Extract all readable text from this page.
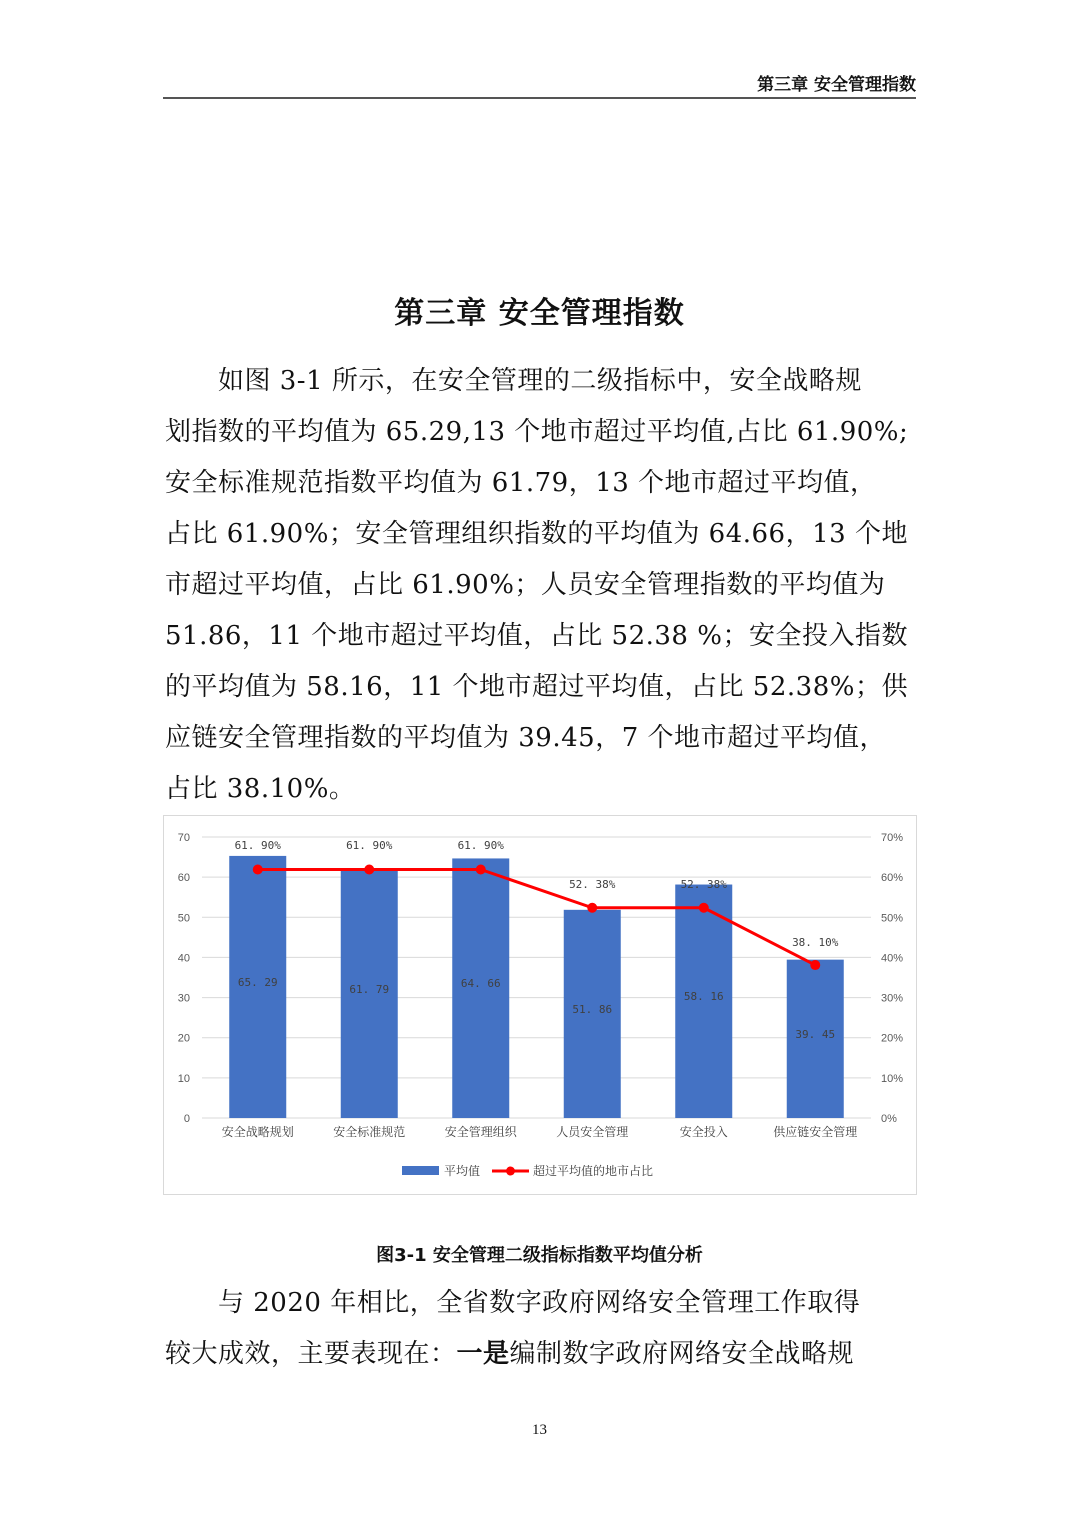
第三章 安全管理指数
第三章 安全管理指数
　　如图 3-1 所示，在安全管理的二级指标中，安全战略规
划指数的平均值为 65.29,13 个地市超过平均值,占比 61.90%;
安全标准规范指数平均值为 61.79，13 个地市超过平均值，
占比 61.90%；安全管理组织指数的平均值为 64.66，13 个地
市超过平均值，占比 61.90%；人员安全管理指数的平均值为
51.86，11 个地市超过平均值，占比 52.38 %；安全投入指数
的平均值为 58.16，11 个地市超过平均值，占比 52.38%；供
应链安全管理指数的平均值为 39.45，7 个地市超过平均值，
占比 38.10%。
0
10
20
30
40
50
60
70
0%
10%
20%
30%
40%
50%
60%
70%
65. 29
61. 79	64. 66
51. 86
58. 16
39. 45
61. 90%	61. 90%	61. 90%
52. 38%	52. 38%
38. 10%
安全战略规划	安全标准规范	安全管理组织	人员安全管理	安全投入	供应链安全管理
平均值	超过平均值的地市占比
图3-1 安全管理二级指标指数平均值分析
　　与 2020 年相比，全省数字政府网络安全管理工作取得
较大成效，主要表现在：一是编制数字政府网络安全战略规
13
